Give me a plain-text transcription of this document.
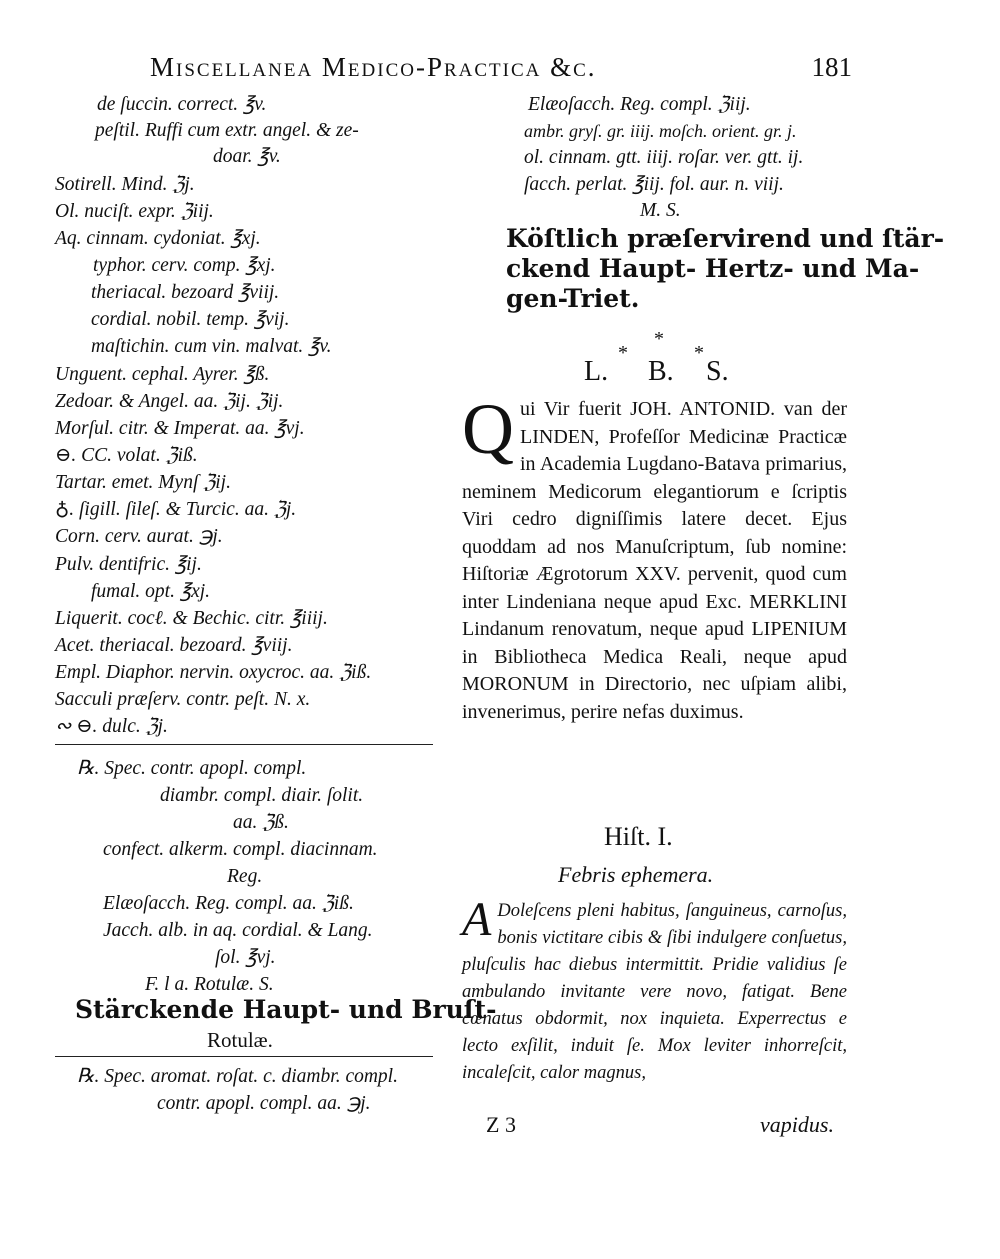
Miscellanea Medico-Practica &c.	181
de ſuccin. correct. ℥v.
peſtil. Ruffi cum extr. angel. & ze-
doar. ℥v.
Sotirell. Mind. ℨj.
Ol. nuciſt. expr. ℨiij.
Aq. cinnam. cydoniat. ℥xj.
typhor. cerv. comp. ℥xj.
theriacal. bezoard ℥viij.
cordial. nobil. temp. ℥vij.
maſtichin. cum vin. malvat. ℥v.
Unguent. cephal. Ayrer. ℥ß.
Zedoar. & Angel. aa. ℨij. ℨij.
Morſul. citr. & Imperat. aa. ℥vj.
⊖. CC. volat. ℨiß.
Tartar. emet. Mynſ ℨij.
♁. ſigill. ſileſ. & Turcic. aa. ℨj.
Corn. cerv. aurat. ℈j.
Pulv. dentifric. ℥ij.
fumal. opt. ℥xj.
Liquerit. cocℓ. & Bechic. citr. ℥iiij.
Acet. theriacal. bezoard. ℥viij.
Empl. Diaphor. nervin. oxycroc. aa. ℨiß.
Sacculi præſerv. contr. peſt. N. x.
∾ ⊖. dulc. ℨj.
℞. Spec. contr. apopl. compl.
diambr. compl. diair. ſolit.
aa. ℨß.
confect. alkerm. compl. diacinnam.
Reg.
Elæoſacch. Reg. compl. aa. ℨiß.
Jacch. alb. in aq. cordial. & Lang.
ſol. ℥vj.
F. l a. Rotulæ. S.
Stärckende Haupt- und Bruſt-
Rotulæ.
℞. Spec. aromat. roſat. c. diambr. compl.
contr. apopl. compl. aa. ℈j.
Elæoſacch. Reg. compl. ℨiij.
ambr. gryſ. gr. iiij. moſch. orient. gr. j.
ol. cinnam. gtt. iiij. roſar. ver. gtt. ij.
ſacch. perlat. ℥iij. fol. aur. n. viij.
M. S.
Köſtlich præſervirend und ſtär-
ckend Haupt- Hertz- und Ma-
gen-Triet.
*
*	*
L. B. S.
Q ui Vir fuerit JOH. ANTONID. van der LINDEN, Profeſſor Medicinæ Practicæ in Academia Lugdano-Batava primarius, neminem Medicorum elegantiorum e ſcriptis Viri cedro digniſſimis latere decet. Ejus quoddam ad nos Manuſcriptum, ſub nomine: Hiſtoriæ Ægrotorum XXV. pervenit, quod cum inter Lindeniana neque apud Exc. MERKLINI Lindanum renovatum, neque apud LIPENIUM in Bibliotheca Medica Reali, neque apud MORONUM in Directorio, nec uſpiam alibi, invenerimus, perire nefas duximus.
Hiſt. I.
Febris ephemera.
A Doleſcens pleni habitus, ſanguineus, carnoſus, bonis victitare cibis & ſibi indulgere conſuetus, pluſculis hac diebus intermittit. Pridie validius ſe ambulando invitante vere novo, fatigat. Bene cœnatus obdormit, nox inquieta. Experrectus e lecto exſilit, induit ſe. Mox leviter inhorreſcit, incaleſcit, calor magnus,
Z 3	vapidus.
